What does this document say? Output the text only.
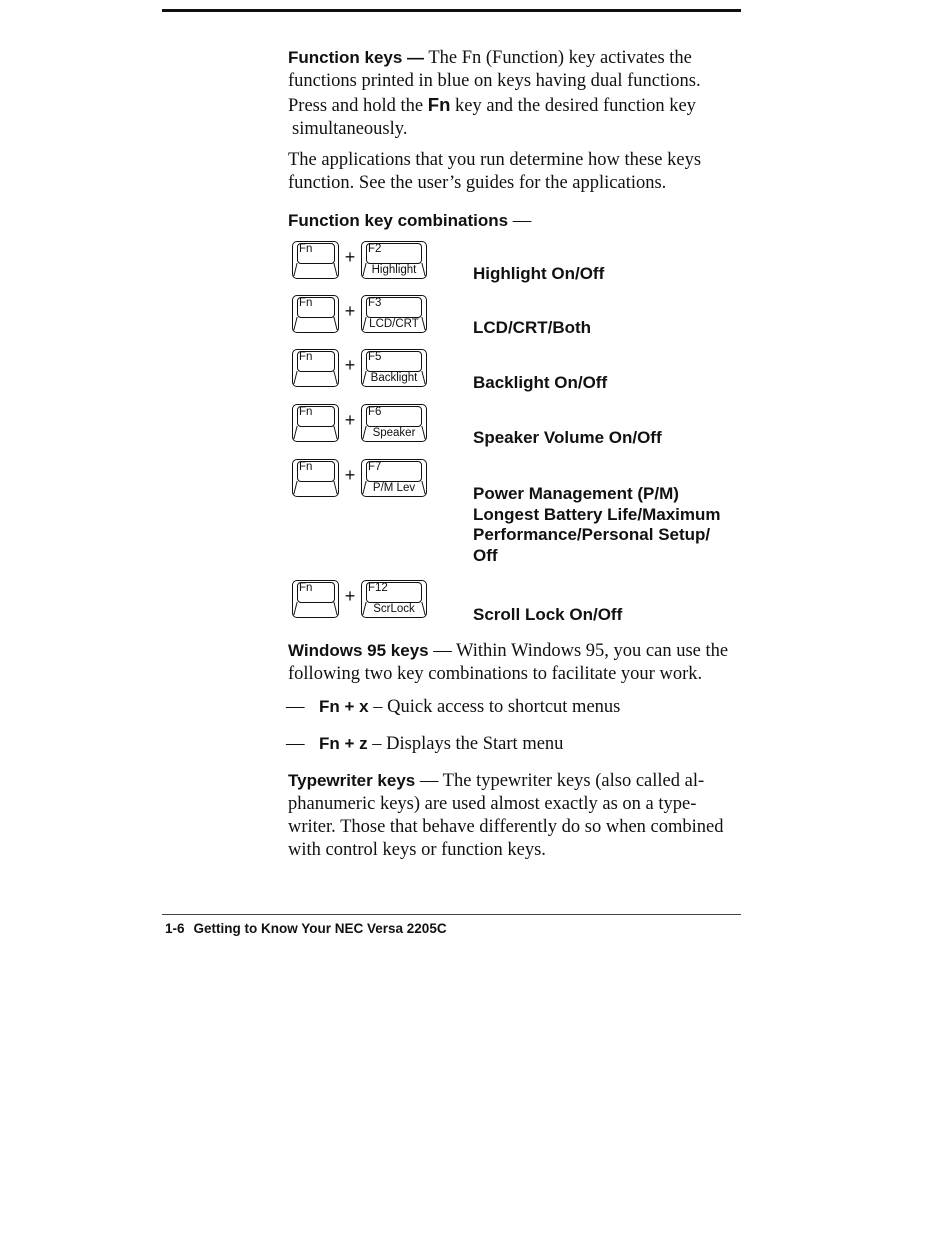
Function keys — The Fn (Function) key activates the
functions printed in blue on keys having dual functions.
Press and hold the Fn key and the desired function key
simultaneously.
The applications that you run determine how these keys
function. See the user’s guides for the applications.
Function key combinations —
Fn + F2
Highlight	Highlight On/Off
Fn + F3
LCD/CRT	LCD/CRT/Both
Fn + F5
Backlight	Backlight On/Off
Fn + F6
Speaker	Speaker Volume On/Off
Fn + F7
P/M Lev	Power Management (P/M)
Longest Battery Life/Maximum
Performance/Personal Setup/
Off
Fn + F12
ScrLock	Scroll Lock On/Off
Windows 95 keys — Within Windows 95, you can use the
following two key combinations to facilitate your work.
— Fn + x – Quick access to shortcut menus
— Fn + z – Displays the Start menu
Typewriter keys — The typewriter keys (also called al-
phanumeric keys) are used almost exactly as on a type-
writer. Those that behave differently do so when combined
with control keys or function keys.
1-6 Getting to Know Your NEC Versa 2205C
